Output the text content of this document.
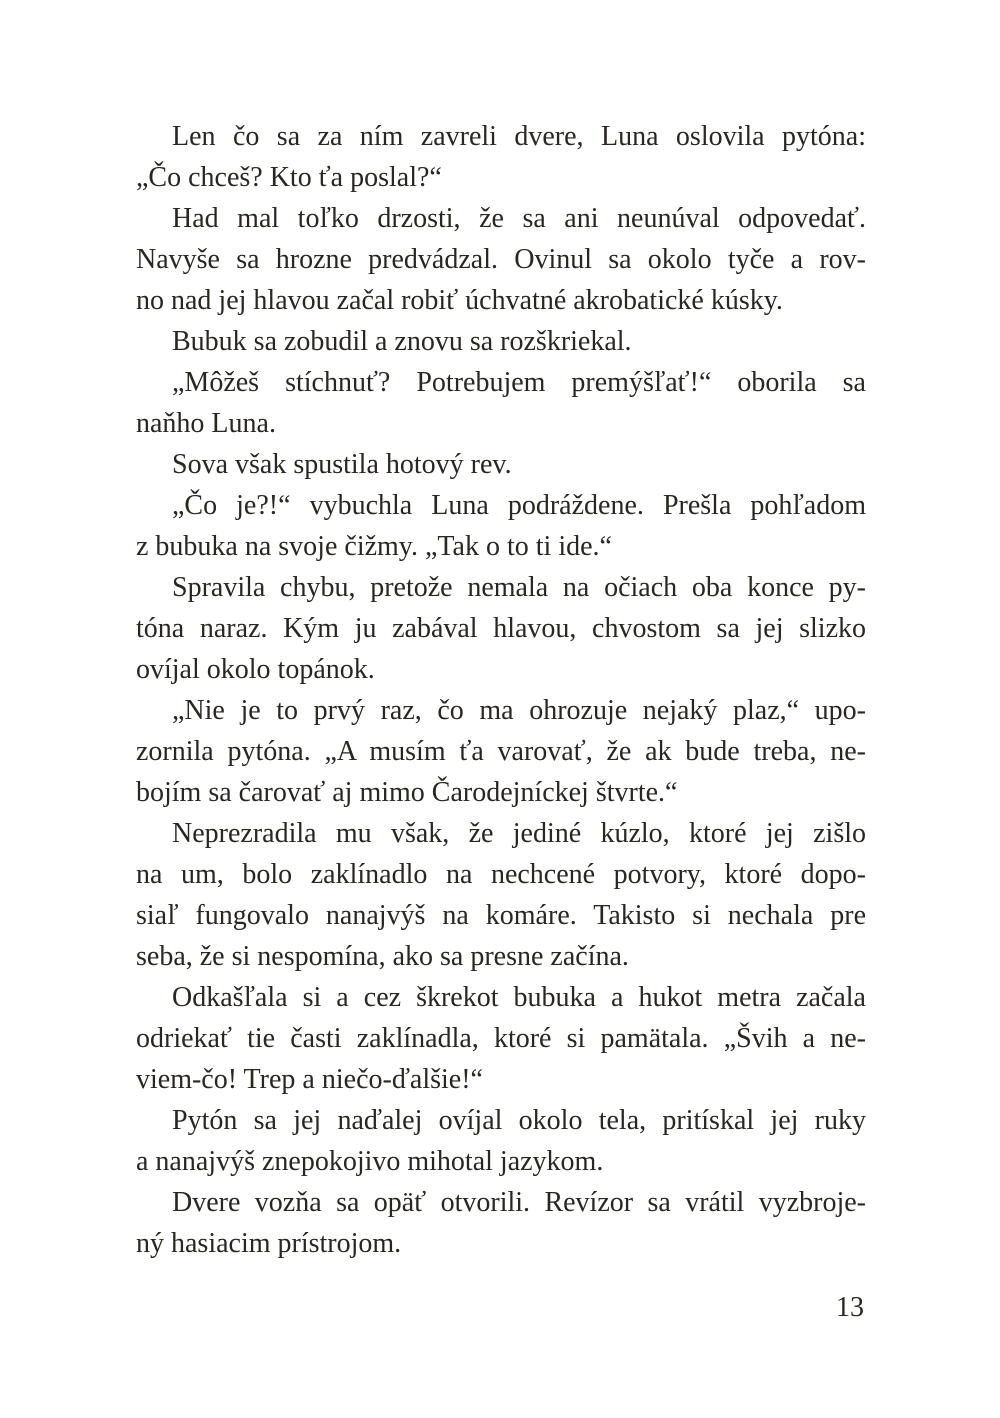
Len čo sa za ním zavreli dvere, Luna oslovila pytóna:
„Čo chceš? Kto ťa poslal?“
Had mal toľko drzosti, že sa ani neunúval odpovedať.
Navyše sa hrozne predvádzal. Ovinul sa okolo tyče a rov-
no nad jej hlavou začal robiť úchvatné akrobatické kúsky.
Bubuk sa zobudil a znovu sa rozškriekal.
„Môžeš stíchnuť? Potrebujem premýšľať!“ oborila sa
naňho Luna.
Sova však spustila hotový rev.
„Čo je?!“ vybuchla Luna podráždene. Prešla pohľadom
z bubuka na svoje čižmy. „Tak o to ti ide.“
Spravila chybu, pretože nemala na očiach oba konce py-
tóna naraz. Kým ju zabával hlavou, chvostom sa jej slizko
ovíjal okolo topánok.
„Nie je to prvý raz, čo ma ohrozuje nejaký plaz,“ upo-
zornila pytóna. „A musím ťa varovať, že ak bude treba, ne-
bojím sa čarovať aj mimo Čarodejníckej štvrte.“
Neprezradila mu však, že jediné kúzlo, ktoré jej zišlo
na um, bolo zaklínadlo na nechcené potvory, ktoré dopo-
siaľ fungovalo nanajvýš na komáre. Takisto si nechala pre
seba, že si nespomína, ako sa presne začína.
Odkašľala si a cez škrekot bubuka a hukot metra začala
odriekať tie časti zaklínadla, ktoré si pamätala. „Švih a ne-
viem-čo! Trep a niečo-ďalšie!“
Pytón sa jej naďalej ovíjal okolo tela, pritískal jej ruky
a nanajvýš znepokojivo mihotal jazykom.
Dvere vozňa sa opäť otvorili. Revízor sa vrátil vyzbroje-
ný hasiacim prístrojom.
13
